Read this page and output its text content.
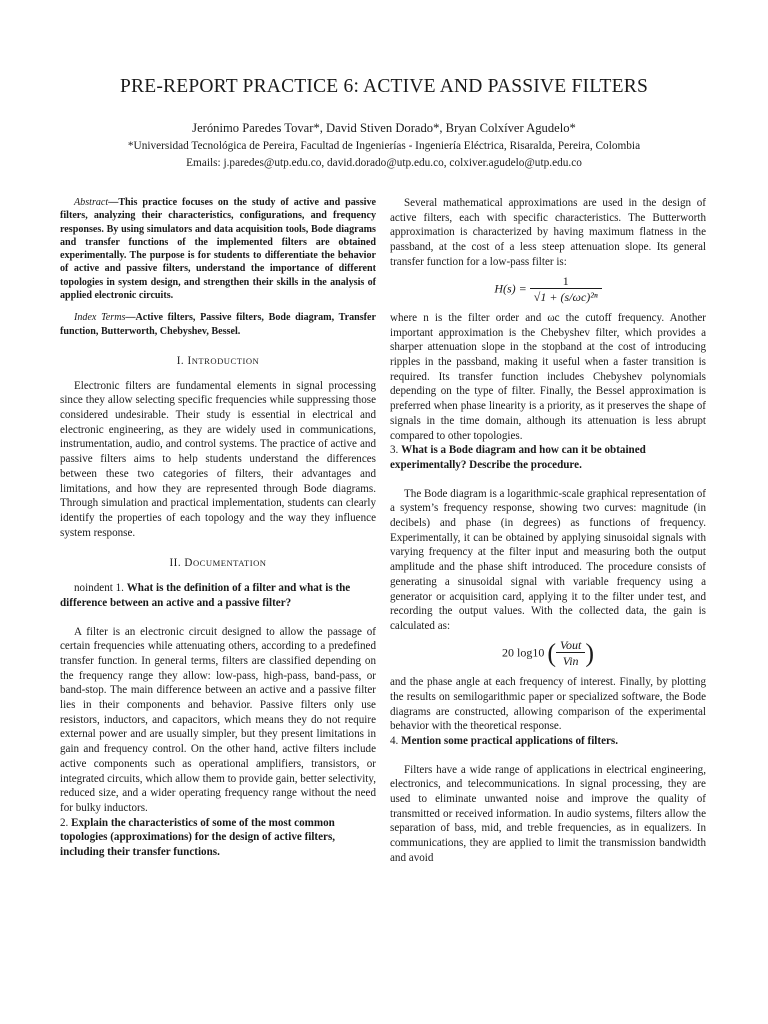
PRE-REPORT PRACTICE 6: ACTIVE AND PASSIVE FILTERS
Jerónimo Paredes Tovar*, David Stiven Dorado*, Bryan Colxíver Agudelo*
*Universidad Tecnológica de Pereira, Facultad de Ingenierías - Ingeniería Eléctrica, Risaralda, Pereira, Colombia
Emails: j.paredes@utp.edu.co, david.dorado@utp.edu.co, colxiver.agudelo@utp.edu.co

Abstract—This practice focuses on the study of active and passive filters, analyzing their characteristics, configurations, and frequency responses. By using simulators and data acquisition tools, Bode diagrams and transfer functions of the implemented filters are obtained experimentally. The purpose is for students to differentiate the behavior of active and passive filters, understand the importance of different topologies in system design, and strengthen their skills in the analysis of applied electronic circuits.

Index Terms—Active filters, Passive filters, Bode diagram, Transfer function, Butterworth, Chebyshev, Bessel.

I. INTRODUCTION

Electronic filters are fundamental elements in signal processing since they allow selecting specific frequencies while suppressing those considered undesirable. Their study is essential in electrical and electronic engineering, as they are widely used in communications, instrumentation, audio, and control systems. The practice of active and passive filters aims to help students understand the differences between these two categories of filters, their advantages and limitations, and how they are represented through Bode diagrams. Through simulation and practical implementation, students can clearly identify the properties of each topology and the way they influence system response.

II. DOCUMENTATION

noindent 1. What is the definition of a filter and what is the difference between an active and a passive filter?

A filter is an electronic circuit designed to allow the passage of certain frequencies while attenuating others, according to a predefined transfer function. In general terms, filters are classified depending on the frequency range they allow: low-pass, high-pass, band-pass, or band-stop. The main difference between an active and a passive filter lies in their components and behavior. Passive filters only use resistors, inductors, and capacitors, which means they do not require external power and are usually simpler, but they present limitations in gain and frequency control. On the other hand, active filters include active components such as operational amplifiers, transistors, or integrated circuits, which allow them to provide gain, better selectivity, reduced size, and a wider operating frequency range without the need for bulky inductors.

2. Explain the characteristics of some of the most common topologies (approximations) for the design of active filters, including their transfer functions.

Several mathematical approximations are used in the design of active filters, each with specific characteristics. The Butterworth approximation is characterized by having maximum flatness in the passband, at the cost of a less steep attenuation slope. Its general transfer function for a low-pass filter is:

$H(s) = \frac{1}{\text{√1 + (s/ωc)²ⁿ}}$

where n is the filter order and ωc the cutoff frequency. Another important approximation is the Chebyshev filter, which provides a sharper attenuation slope in the stopband at the cost of introducing ripples in the passband, making it useful when a faster transition is required. Its transfer function includes Chebyshev polynomials depending on the type of filter. Finally, the Bessel approximation is preferred when phase linearity is a priority, as it preserves the shape of signals in the time domain, although its attenuation is less abrupt compared to other topologies.

3. What is a Bode diagram and how can it be obtained experimentally? Describe the procedure.

The Bode diagram is a logarithmic-scale graphical representation of a system’s frequency response, showing two curves: magnitude (in decibels) and phase (in degrees) as functions of frequency. Experimentally, it can be obtained by applying sinusoidal signals with varying frequency at the filter input and measuring both the output amplitude and the phase shift introduced. The procedure consists of generating a sinusoidal signal with variable frequency using a generator or acquisition card, applying it to the filter under test, and recording the output values. With the collected data, the gain is calculated as:

20 log10 ( $\frac{\text{Vout}}{\text{Vin}}$ )

and the phase angle at each frequency of interest. Finally, by plotting the results on semilogarithmic paper or specialized software, the Bode diagrams are constructed, allowing comparison of the experimental behavior with the theoretical response.

4. Mention some practical applications of filters.

Filters have a wide range of applications in electrical engineering, electronics, and telecommunications. In signal processing, they are used to eliminate unwanted noise and improve the quality of transmitted or received information. In audio systems, filters allow the separation of bass, mid, and treble frequencies, as in equalizers. In communications, they are applied to limit the transmission bandwidth and avoid
